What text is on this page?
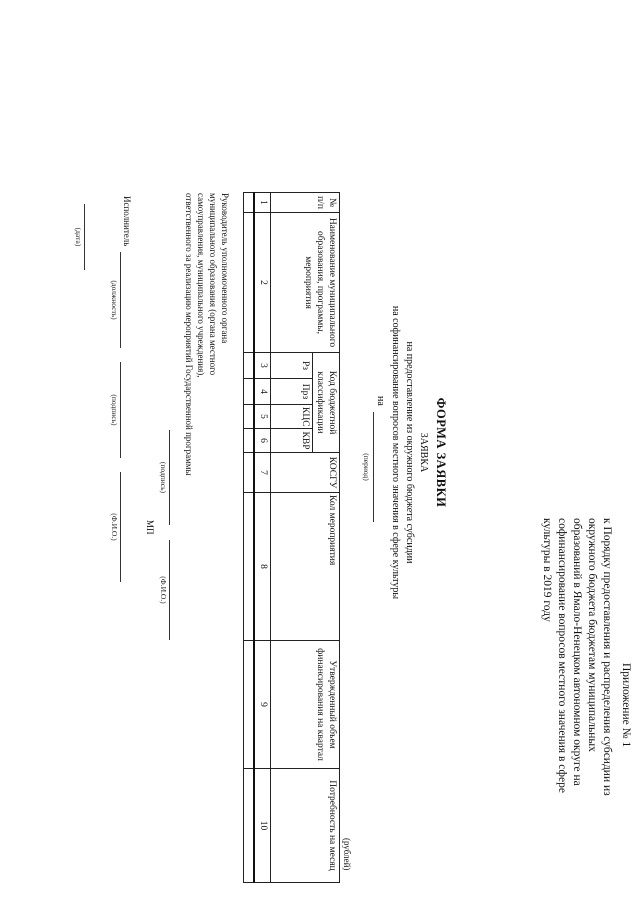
Приложение № 1
к Порядку предоставления и распределения субсидии из
окружного бюджета бюджетам муниципальных
образований в Ямало-Ненецком автономном округе на
софинансирование вопросов местного значения в сфере
культуры в 2019 году
ФОРМА ЗАЯВКИ
ЗАЯВКА
на предоставление из окружного бюджета субсидии
на софинансирование вопросов местного значения в сфере культуры
на
(период)
(рублей)
№ п/п	Наименование муниципального образования, программы, мероприятия	Код бюджетной классификации				КОСГУ	Кол мероприятия	Утвержденный объем финансирования на квартал	Потребность на месяц
		Рз	Прз	КЦС	КВР				
1	2	3	4	5	6	7	8	9	10

Руководитель уполномоченного органа
муниципального образования (органа местного
самоуправления, муниципального учреждения),
ответственного за реализацию мероприятий Государственной программы
(подпись)
(Ф.И.О.)
МП
Исполнитель
(должность)
(подпись)
(Ф.И.О.)
(дата)
